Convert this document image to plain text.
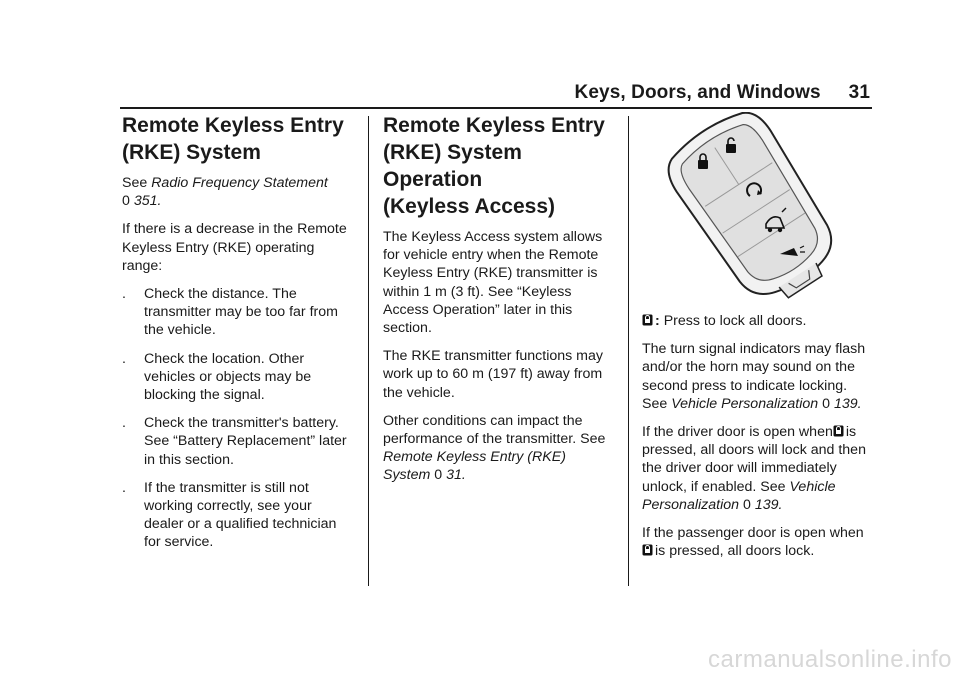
Keys, Doors, and Windows 31
Remote Keyless Entry
(RKE) System

See Radio Frequency Statement
0 351.

If there is a decrease in the Remote Keyless Entry (RKE) operating range:

.	Check the distance. The transmitter may be too far from the vehicle.
.	Check the location. Other vehicles or objects may be blocking the signal.
.	Check the transmitter's battery. See “Battery Replacement” later in this section.
.	If the transmitter is still not working correctly, see your dealer or a qualified technician for service.
Remote Keyless Entry
(RKE) System Operation
(Keyless Access)

The Keyless Access system allows for vehicle entry when the Remote Keyless Entry (RKE) transmitter is within 1 m (3 ft). See “Keyless Access Operation” later in this section.

The RKE transmitter functions may work up to 60 m (197 ft) away from the vehicle.

Other conditions can impact the performance of the transmitter. See Remote Keyless Entry (RKE) System 0 31.

: Press to lock all doors.

The turn signal indicators may flash and/or the horn may sound on the second press to indicate locking. See Vehicle Personalization 0 139.

If the driver door is open when is pressed, all doors will lock and then the driver door will immediately unlock, if enabled. See Vehicle Personalization 0 139.

If the passenger door is open when
is pressed, all doors lock.

carmanualsonline.info
